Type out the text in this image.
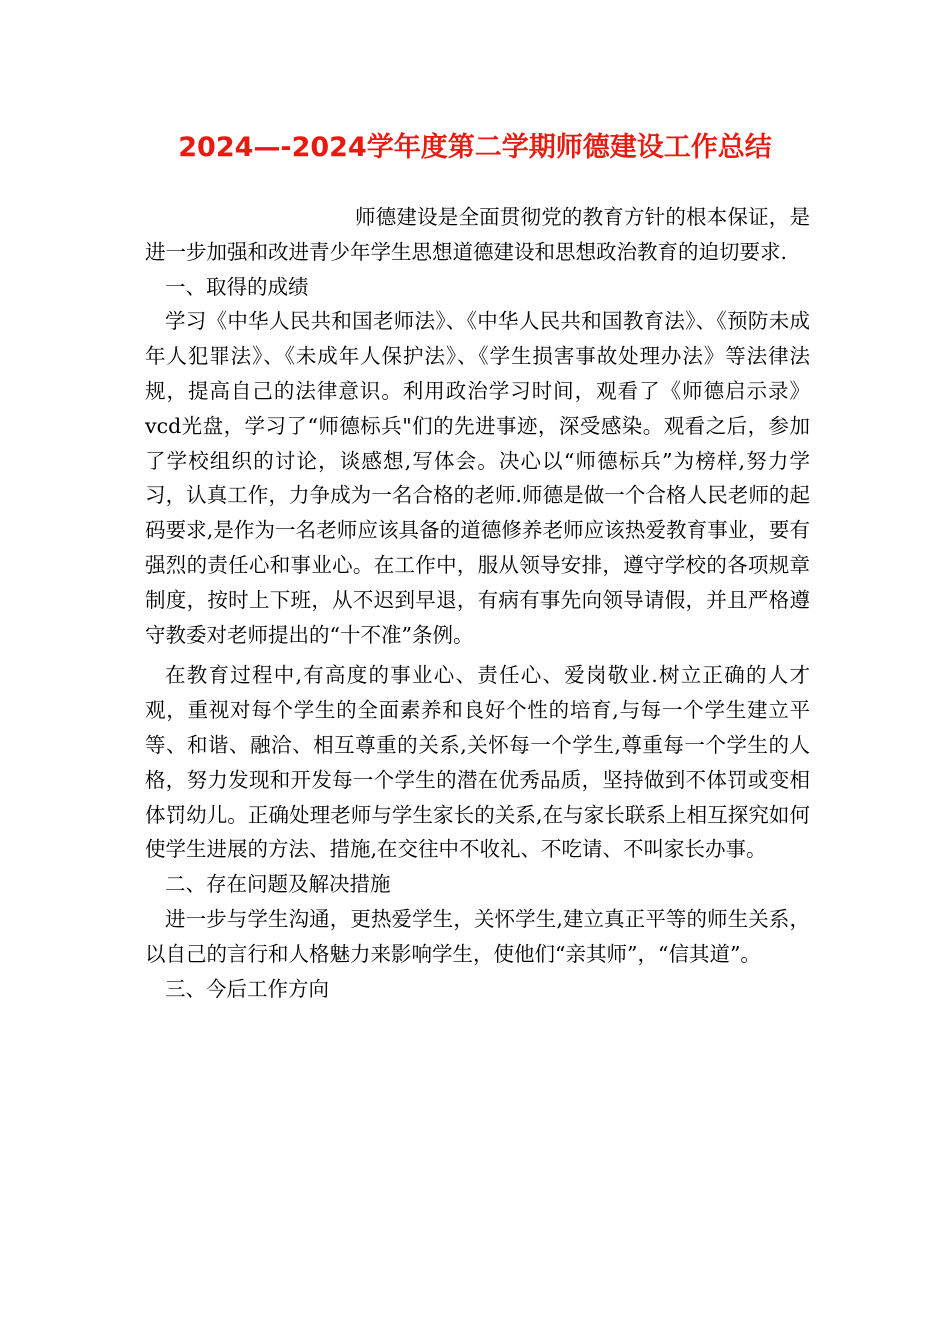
2024—-2024学年度第二学期师德建设工作总结

师德建设是全面贯彻党的教育方针的根本保证，是进一步加强和改进青少年学生思想道德建设和思想政治教育的迫切要求.

一、取得的成绩

学习《中华人民共和国老师法》、《中华人民共和国教育法》、《预防未成年人犯罪法》、《未成年人保护法》、《学生损害事故处理办法》等法律法规，提高自己的法律意识。利用政治学习时间，观看了《师德启示录》vcd光盘，学习了“师德标兵"们的先进事迹，深受感染。观看之后，参加了学校组织的讨论，谈感想,写体会。决心以“师德标兵”为榜样,努力学习，认真工作，力争成为一名合格的老师.师德是做一个合格人民老师的起码要求,是作为一名老师应该具备的道德修养老师应该热爱教育事业，要有强烈的责任心和事业心。在工作中，服从领导安排，遵守学校的各项规章制度，按时上下班，从不迟到早退，有病有事先向领导请假，并且严格遵守教委对老师提出的“十不准”条例。

在教育过程中,有高度的事业心、责任心、爱岗敬业.树立正确的人才观，重视对每个学生的全面素养和良好个性的培育,与每一个学生建立平等、和谐、融洽、相互尊重的关系,关怀每一个学生,尊重每一个学生的人格，努力发现和开发每一个学生的潜在优秀品质，坚持做到不体罚或变相体罚幼儿。正确处理老师与学生家长的关系,在与家长联系上相互探究如何使学生进展的方法、措施,在交往中不收礼、不吃请、不叫家长办事。

二、存在问题及解决措施

进一步与学生沟通，更热爱学生，关怀学生,建立真正平等的师生关系，以自己的言行和人格魅力来影响学生，使他们“亲其师”，“信其道”。

三、今后工作方向
